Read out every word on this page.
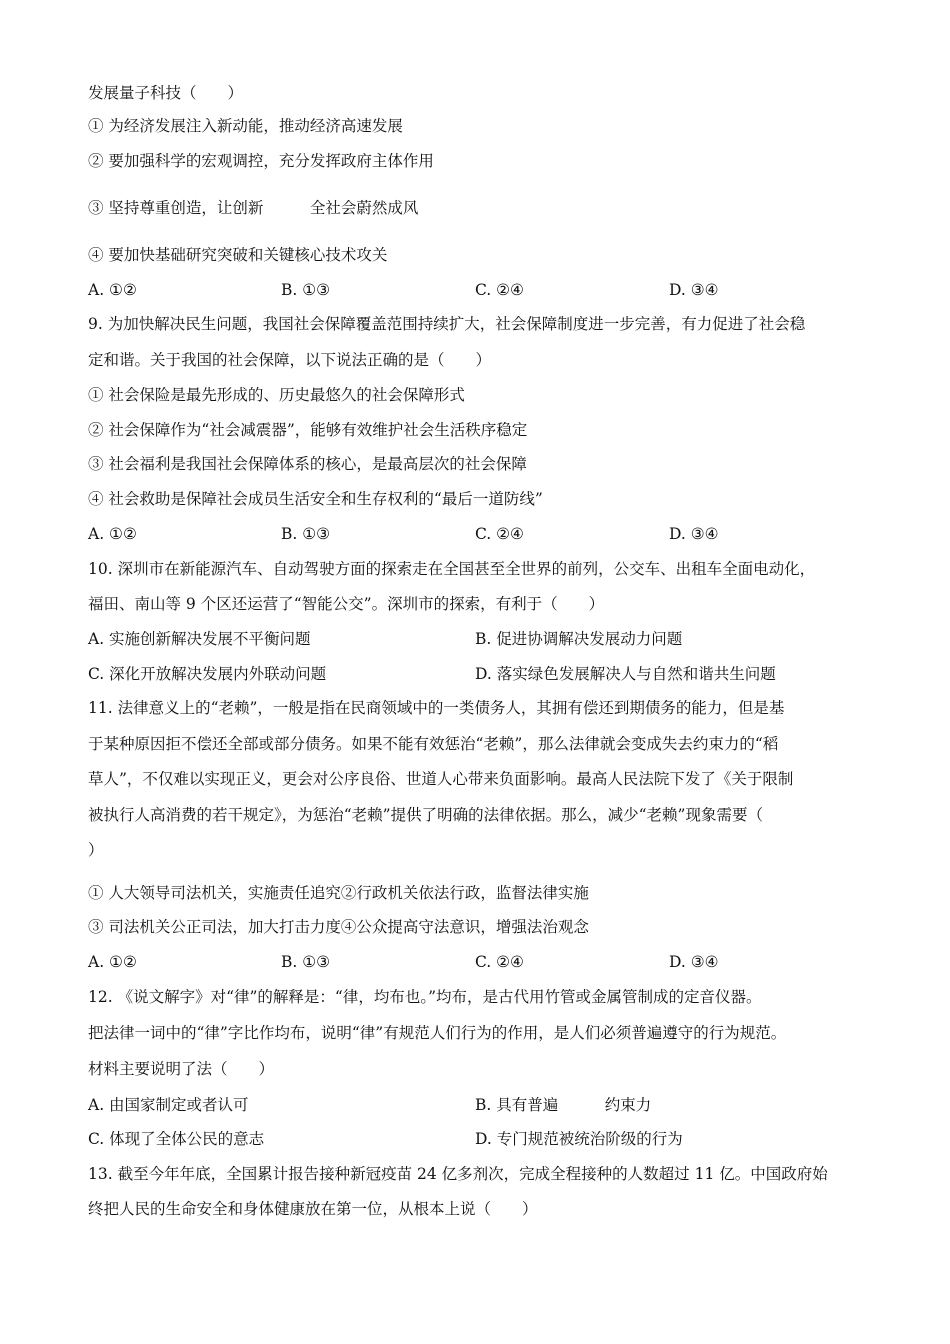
发展量子科技（　　）
① 为经济发展注入新动能，推动经济高速发展
② 要加强科学的宏观调控，充分发挥政府主体作用
③ 坚持尊重创造，让创新　　　全社会蔚然成风
④ 要加快基础研究突破和关键核心技术攻关
A. ①②	B. ①③	C. ②④	D. ③④
9. 为加快解决民生问题，我国社会保障覆盖范围持续扩大，社会保障制度进一步完善，有力促进了社会稳
定和谐。关于我国的社会保障，以下说法正确的是（　　）
① 社会保险是最先形成的、历史最悠久的社会保障形式
② 社会保障作为“社会减震器”，能够有效维护社会生活秩序稳定
③ 社会福利是我国社会保障体系的核心，是最高层次的社会保障
④ 社会救助是保障社会成员生活安全和生存权利的“最后一道防线”
A. ①②	B. ①③	C. ②④	D. ③④
10. 深圳市在新能源汽车、自动驾驶方面的探索走在全国甚至全世界的前列，公交车、出租车全面电动化，
福田、南山等 9 个区还运营了“智能公交”。深圳市的探索，有利于（　　）
A. 实施创新解决发展不平衡问题	B. 促进协调解决发展动力问题
C. 深化开放解决发展内外联动问题	D. 落实绿色发展解决人与自然和谐共生问题
11. 法律意义上的“老赖”，一般是指在民商领域中的一类债务人，其拥有偿还到期债务的能力，但是基
于某种原因拒不偿还全部或部分债务。如果不能有效惩治“老赖”，那么法律就会变成失去约束力的“稻
草人”，不仅难以实现正义，更会对公序良俗、世道人心带来负面影响。最高人民法院下发了《关于限制
被执行人高消费的若干规定》，为惩治“老赖”提供了明确的法律依据。那么，减少“老赖”现象需要（
）
① 人大领导司法机关，实施责任追究②行政机关依法行政，监督法律实施
③ 司法机关公正司法，加大打击力度④公众提高守法意识，增强法治观念
A. ①②	B. ①③	C. ②④	D. ③④
12. 《说文解字》对“律”的解释是：“律，均布也。”均布，是古代用竹管或金属管制成的定音仪器。
把法律一词中的“律”字比作均布，说明“律”有规范人们行为的作用，是人们必须普遍遵守的行为规范。
材料主要说明了法（　　）
A. 由国家制定或者认可	B. 具有普遍　　　约束力
C. 体现了全体公民的意志	D. 专门规范被统治阶级的行为
13. 截至今年年底，全国累计报告接种新冠疫苗 24 亿多剂次，完成全程接种的人数超过 11 亿。中国政府始
终把人民的生命安全和身体健康放在第一位，从根本上说（　　）
